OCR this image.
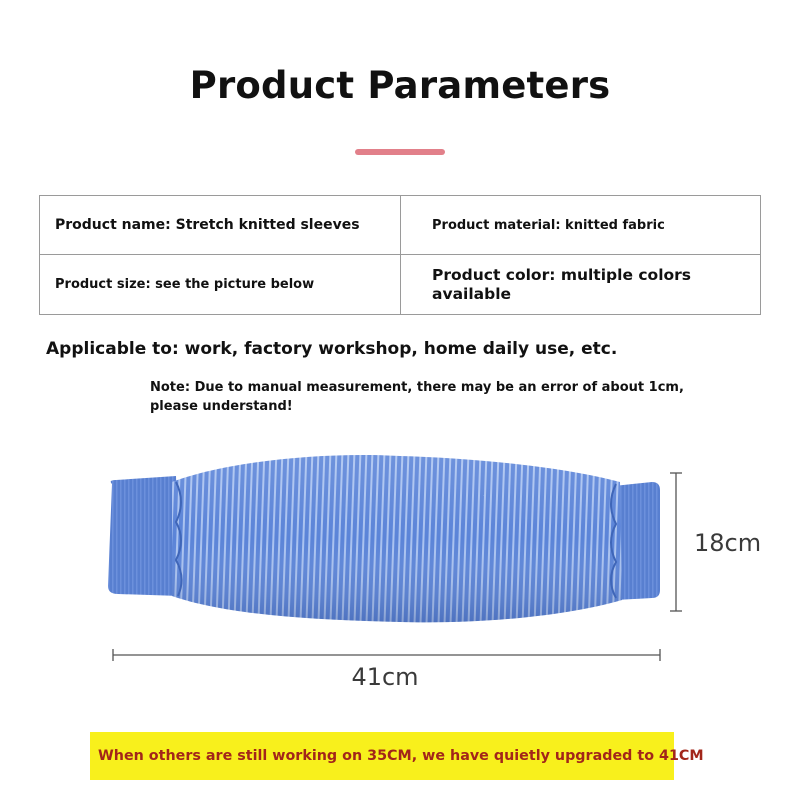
Product Parameters
Product name: Stretch knitted sleeves	Product material: knitted fabric
Product size: see the picture below
Product color: multiple colors available
Applicable to: work, factory workshop, home daily use, etc.
Note: Due to manual measurement, there may be an error of about 1cm, please understand!
18cm
41cm
When others are still working on 35CM, we have quietly upgraded to 41CM
